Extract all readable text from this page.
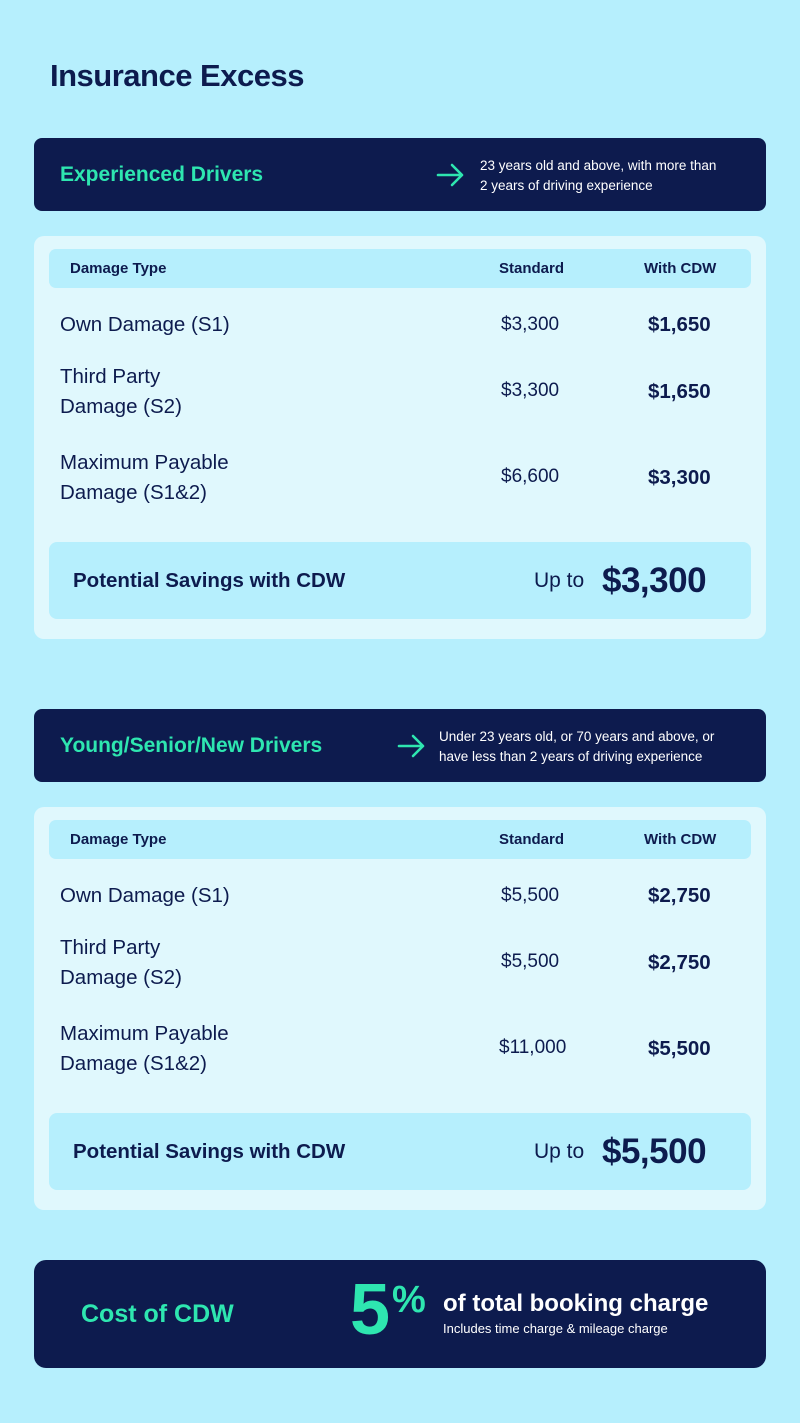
Insurance Excess
Experienced Drivers	23 years old and above, with more than
2 years of driving experience
Damage Type	Standard	With CDW
Own Damage (S1)	$3,300	$1,650
Third Party
Damage (S2)
$3,300	$1,650
Maximum Payable
Damage (S1&2)
$6,600	$3,300
Potential Savings with CDW	Up to $3,300
Young/Senior/New Drivers	Under 23 years old, or 70 years and above, or
have less than 2 years of driving experience
Damage Type	Standard	With CDW
Own Damage (S1)	$5,500	$2,750
Third Party
Damage (S2)
$5,500	$2,750
Maximum Payable
Damage (S1&2)
$11,000	$5,500
Potential Savings with CDW	Up to $5,500
Cost of CDW 5 % of total booking charge
Includes time charge & mileage charge
